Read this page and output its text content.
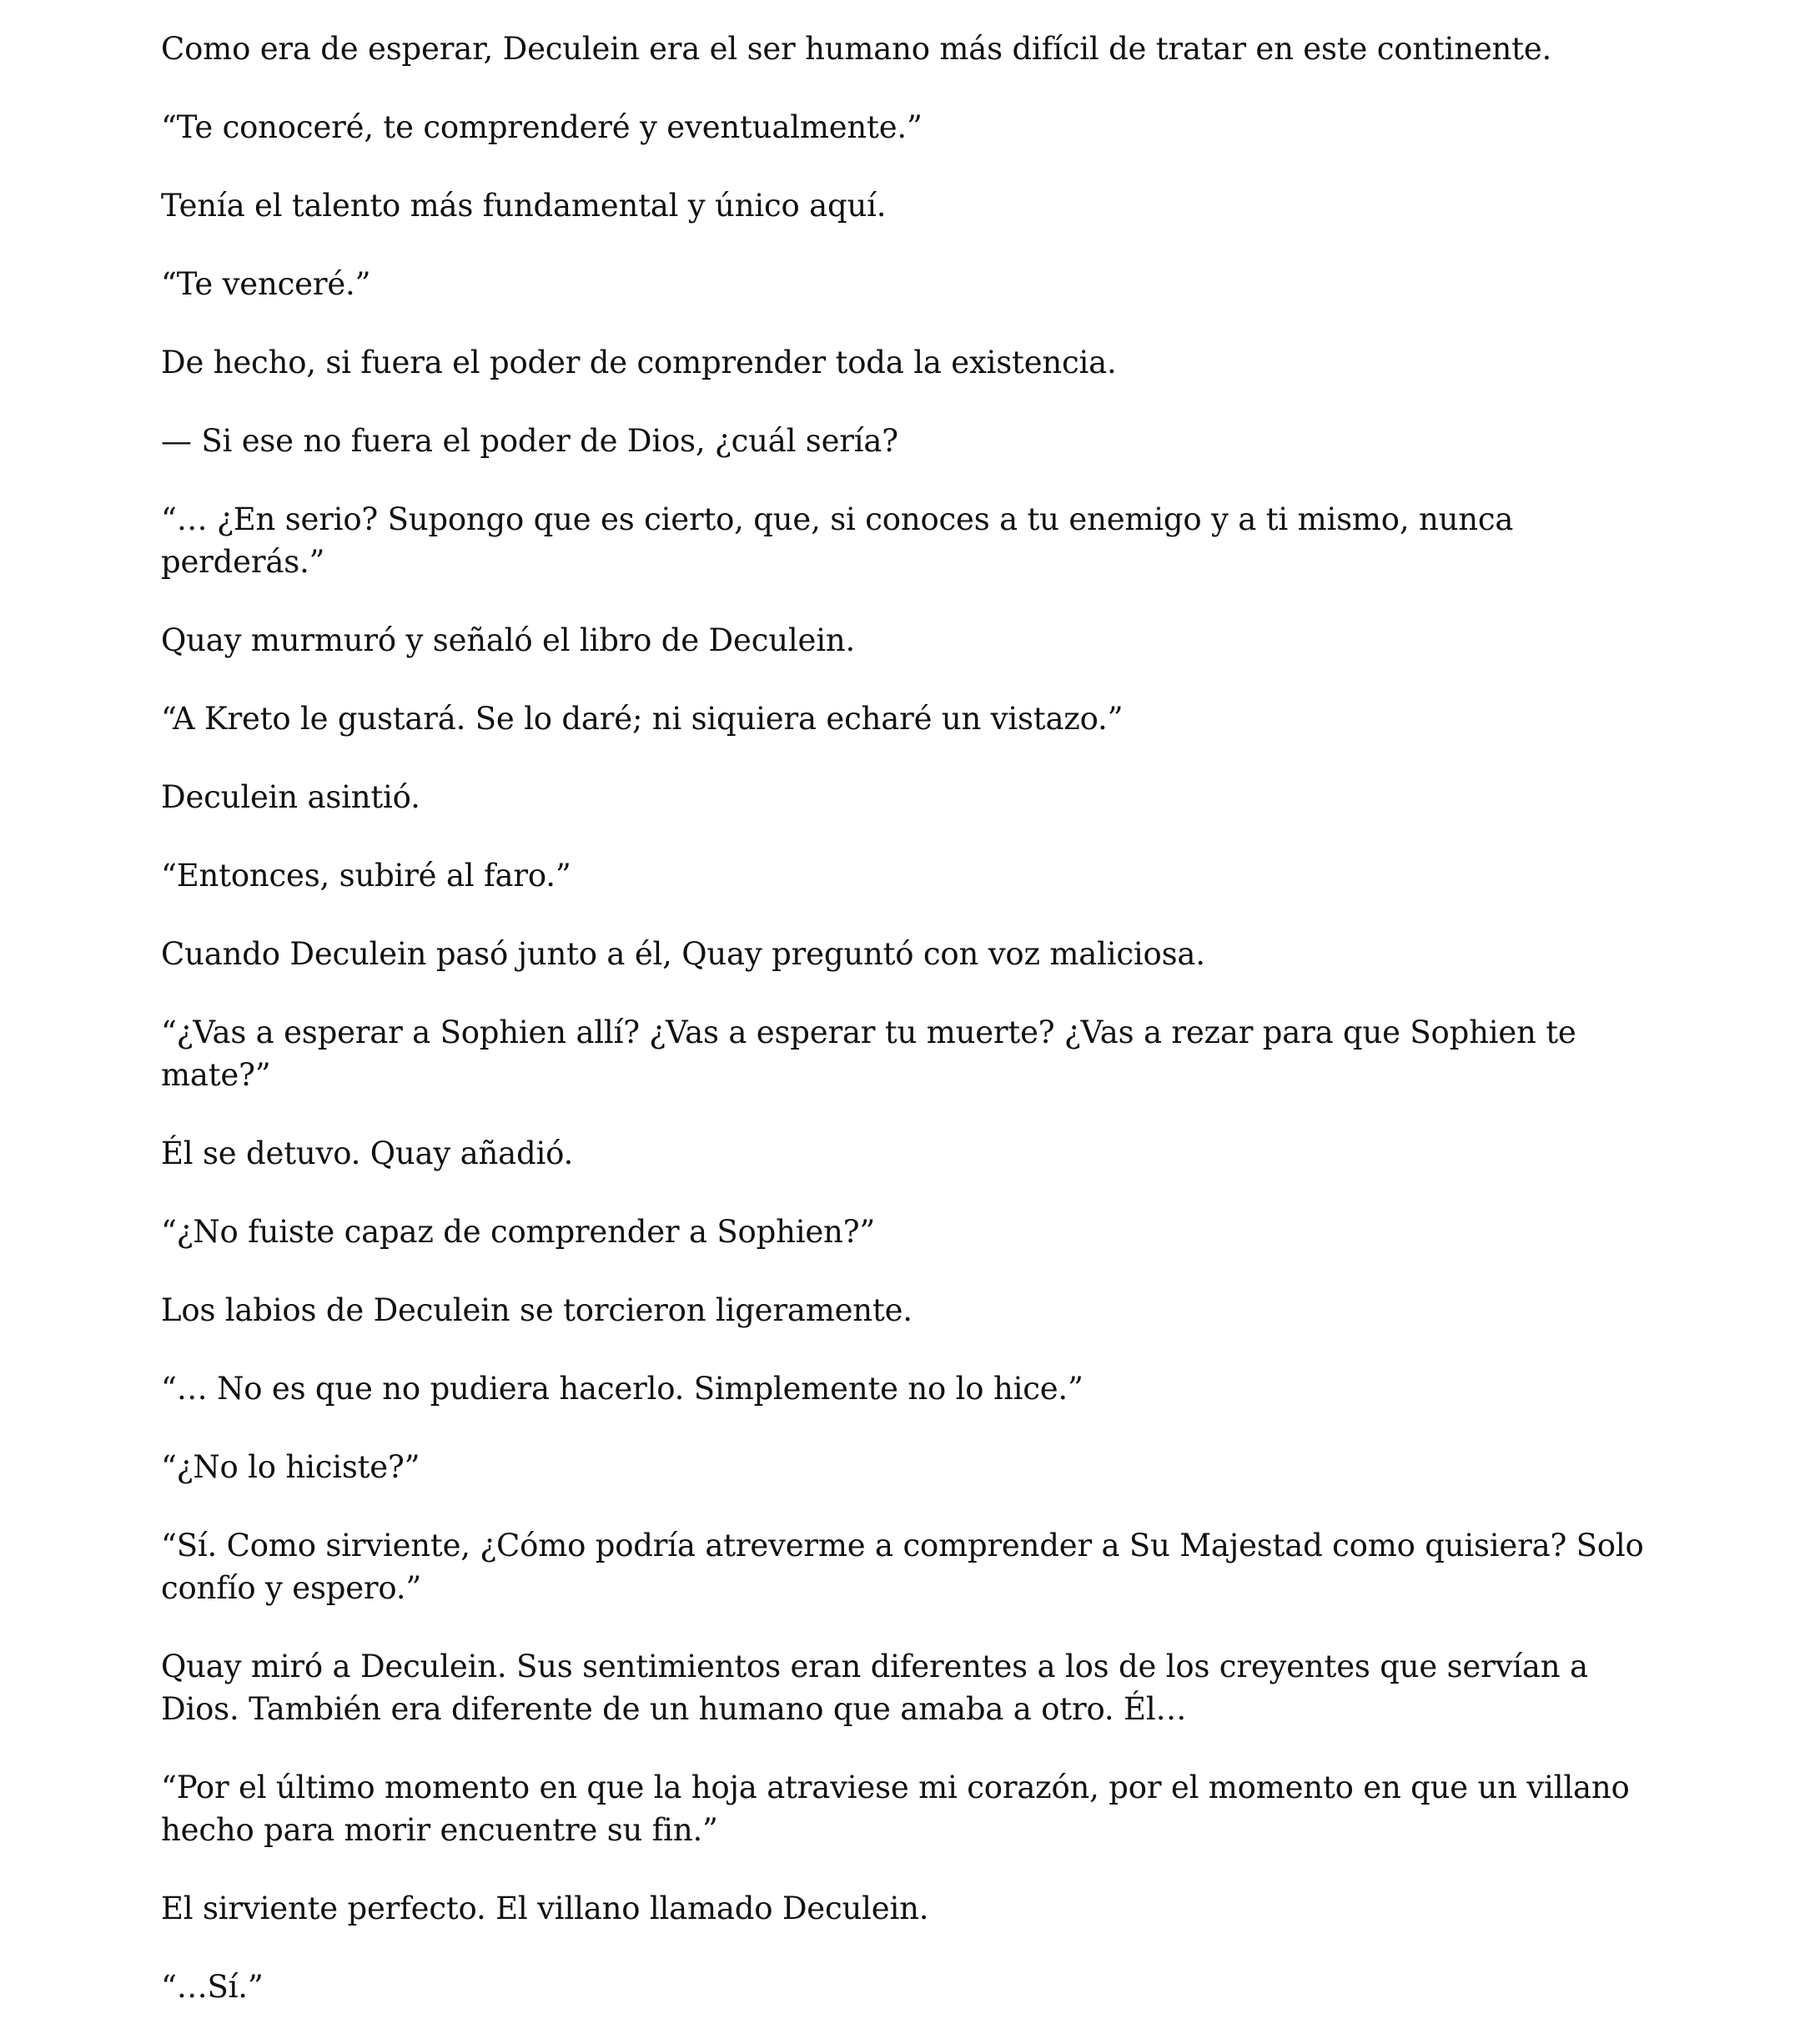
Como era de esperar, Deculein era el ser humano más difícil de tratar en este continente.

“Te conoceré, te comprenderé y eventualmente.”

Tenía el talento más fundamental y único aquí.

“Te venceré.”

De hecho, si fuera el poder de comprender toda la existencia.

— Si ese no fuera el poder de Dios, ¿cuál sería?

“… ¿En serio? Supongo que es cierto, que, si conoces a tu enemigo y a ti mismo, nunca perderás.”

Quay murmuró y señaló el libro de Deculein.

“A Kreto le gustará. Se lo daré; ni siquiera echaré un vistazo.”

Deculein asintió.

“Entonces, subiré al faro.”

Cuando Deculein pasó junto a él, Quay preguntó con voz maliciosa.

“¿Vas a esperar a Sophien allí? ¿Vas a esperar tu muerte? ¿Vas a rezar para que Sophien te mate?”

Él se detuvo. Quay añadió.

“¿No fuiste capaz de comprender a Sophien?”

Los labios de Deculein se torcieron ligeramente.

“… No es que no pudiera hacerlo. Simplemente no lo hice.”

“¿No lo hiciste?”

“Sí. Como sirviente, ¿Cómo podría atreverme a comprender a Su Majestad como quisiera? Solo confío y espero.”

Quay miró a Deculein. Sus sentimientos eran diferentes a los de los creyentes que servían a Dios. También era diferente de un humano que amaba a otro. Él…

“Por el último momento en que la hoja atraviese mi corazón, por el momento en que un villano hecho para morir encuentre su fin.”

El sirviente perfecto. El villano llamado Deculein.

“…Sí.”
